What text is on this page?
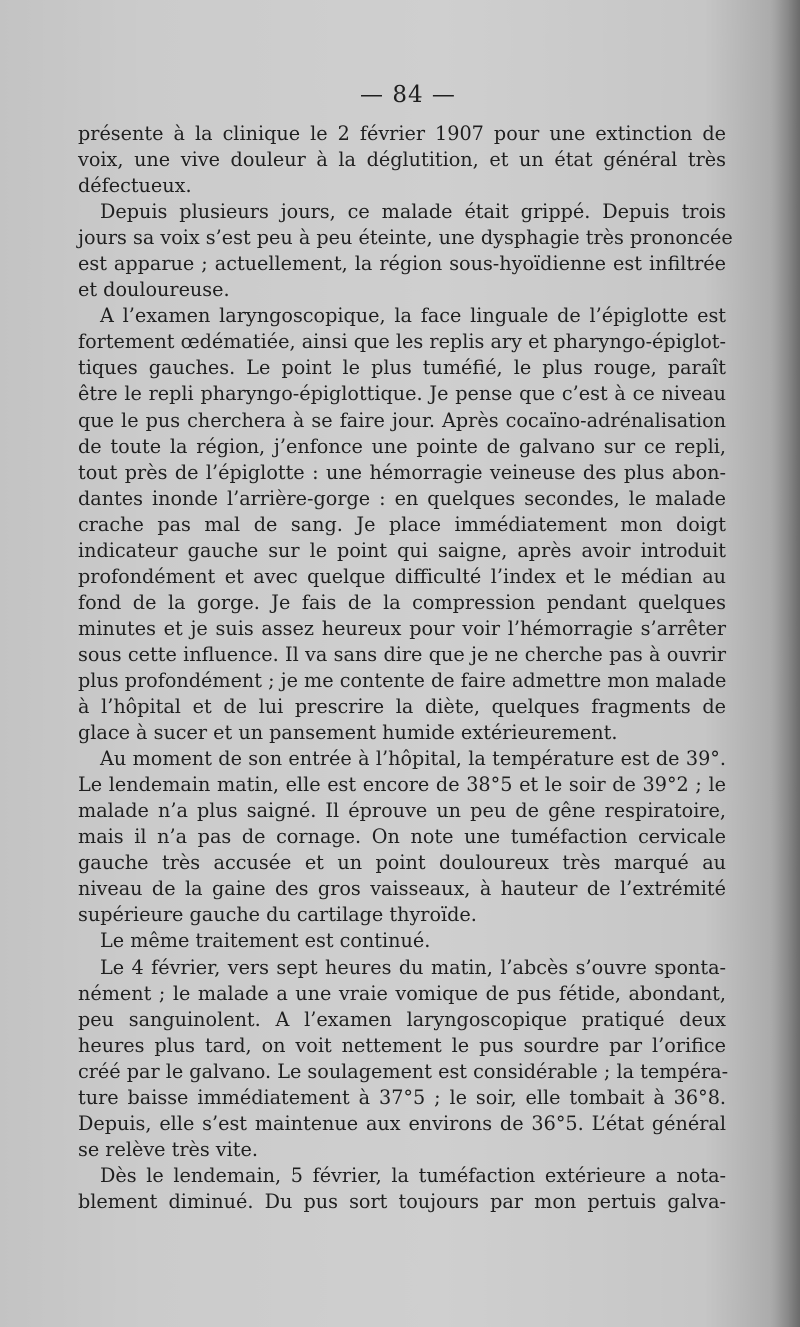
— 84 —
présente à la clinique le 2 février 1907 pour une extinction de
voix, une vive douleur à la déglutition, et un état général très
défectueux.
Depuis plusieurs jours, ce malade était grippé. Depuis trois
jours sa voix s’est peu à peu éteinte, une dysphagie très prononcée
est apparue ; actuellement, la région sous-hyoïdienne est infiltrée
et douloureuse.
A l’examen laryngoscopique, la face linguale de l’épiglotte est
fortement œdématiée, ainsi que les replis ary et pharyngo-épiglot-
tiques gauches. Le point le plus tuméfié, le plus rouge, paraît
être le repli pharyngo-épiglottique. Je pense que c’est à ce niveau
que le pus cherchera à se faire jour. Après cocaïno-adrénalisation
de toute la région, j’enfonce une pointe de galvano sur ce repli,
tout près de l’épiglotte : une hémorragie veineuse des plus abon-
dantes inonde l’arrière-gorge : en quelques secondes, le malade
crache pas mal de sang. Je place immédiatement mon doigt
indicateur gauche sur le point qui saigne, après avoir introduit
profondément et avec quelque difficulté l’index et le médian au
fond de la gorge. Je fais de la compression pendant quelques
minutes et je suis assez heureux pour voir l’hémorragie s’arrêter
sous cette influence. Il va sans dire que je ne cherche pas à ouvrir
plus profondément ; je me contente de faire admettre mon malade
à l’hôpital et de lui prescrire la diète, quelques fragments de
glace à sucer et un pansement humide extérieurement.
Au moment de son entrée à l’hôpital, la température est de 39°.
Le lendemain matin, elle est encore de 38°5 et le soir de 39°2 ; le
malade n’a plus saigné. Il éprouve un peu de gêne respiratoire,
mais il n’a pas de cornage. On note une tuméfaction cervicale
gauche très accusée et un point douloureux très marqué au
niveau de la gaine des gros vaisseaux, à hauteur de l’extrémité
supérieure gauche du cartilage thyroïde.
Le même traitement est continué.
Le 4 février, vers sept heures du matin, l’abcès s’ouvre sponta-
nément ; le malade a une vraie vomique de pus fétide, abondant,
peu sanguinolent. A l’examen laryngoscopique pratiqué deux
heures plus tard, on voit nettement le pus sourdre par l’orifice
créé par le galvano. Le soulagement est considérable ; la tempéra-
ture baisse immédiatement à 37°5 ; le soir, elle tombait à 36°8.
Depuis, elle s’est maintenue aux environs de 36°5. L’état général
se relève très vite.
Dès le lendemain, 5 février, la tuméfaction extérieure a nota-
blement diminué. Du pus sort toujours par mon pertuis galva-
